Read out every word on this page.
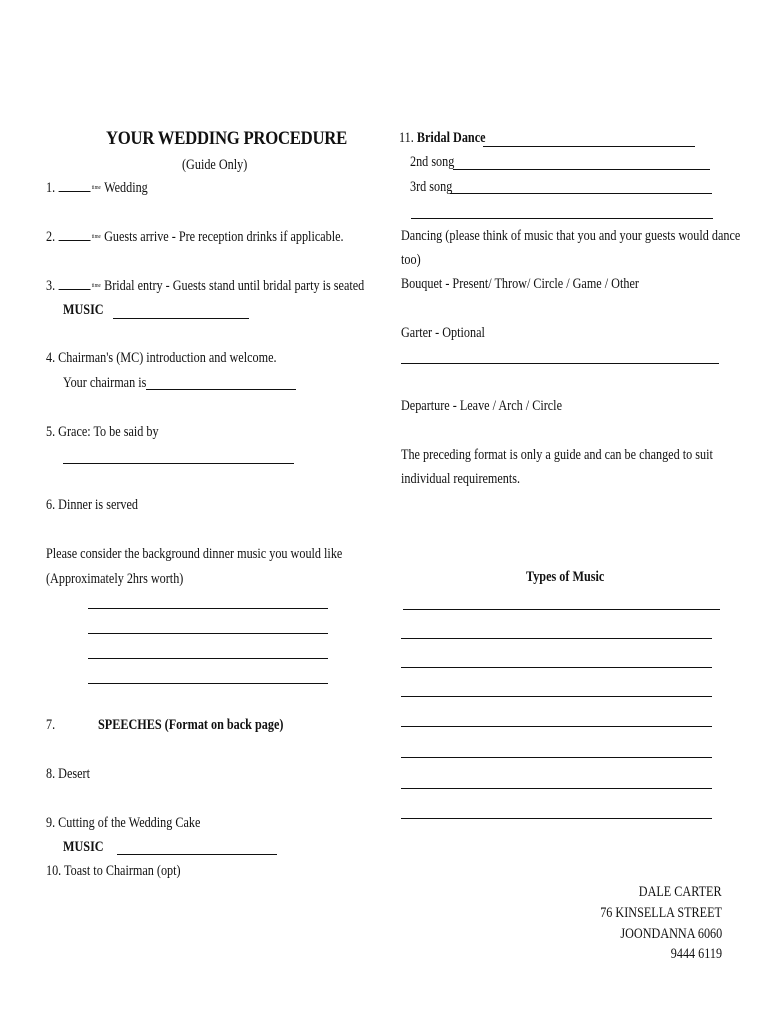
YOUR WEDDING PROCEDURE
(Guide Only)
1.	time Wedding
2.	time Guests arrive - Pre reception drinks if applicable.
3.	time Bridal entry - Guests stand until bridal party is seated
MUSIC
4. Chairman's (MC) introduction and welcome.
Your chairman is
5. Grace: To be said by
6. Dinner is served
Please consider the background dinner music you would like
(Approximately 2hrs worth)
7.	SPEECHES (Format on back page)
8. Desert
9. Cutting of the Wedding Cake
MUSIC
10. Toast to Chairman (opt)
11. Bridal Dance
2nd song
3rd song
Dancing (please think of music that you and your guests would dance
too)
Bouquet - Present/ Throw/ Circle / Game / Other
Garter - Optional
Departure - Leave / Arch / Circle
The preceding format is only a guide and can be changed to suit
individual requirements.
Types of Music
DALE CARTER
76 KINSELLA STREET
JOONDANNA 6060
9444 6119
